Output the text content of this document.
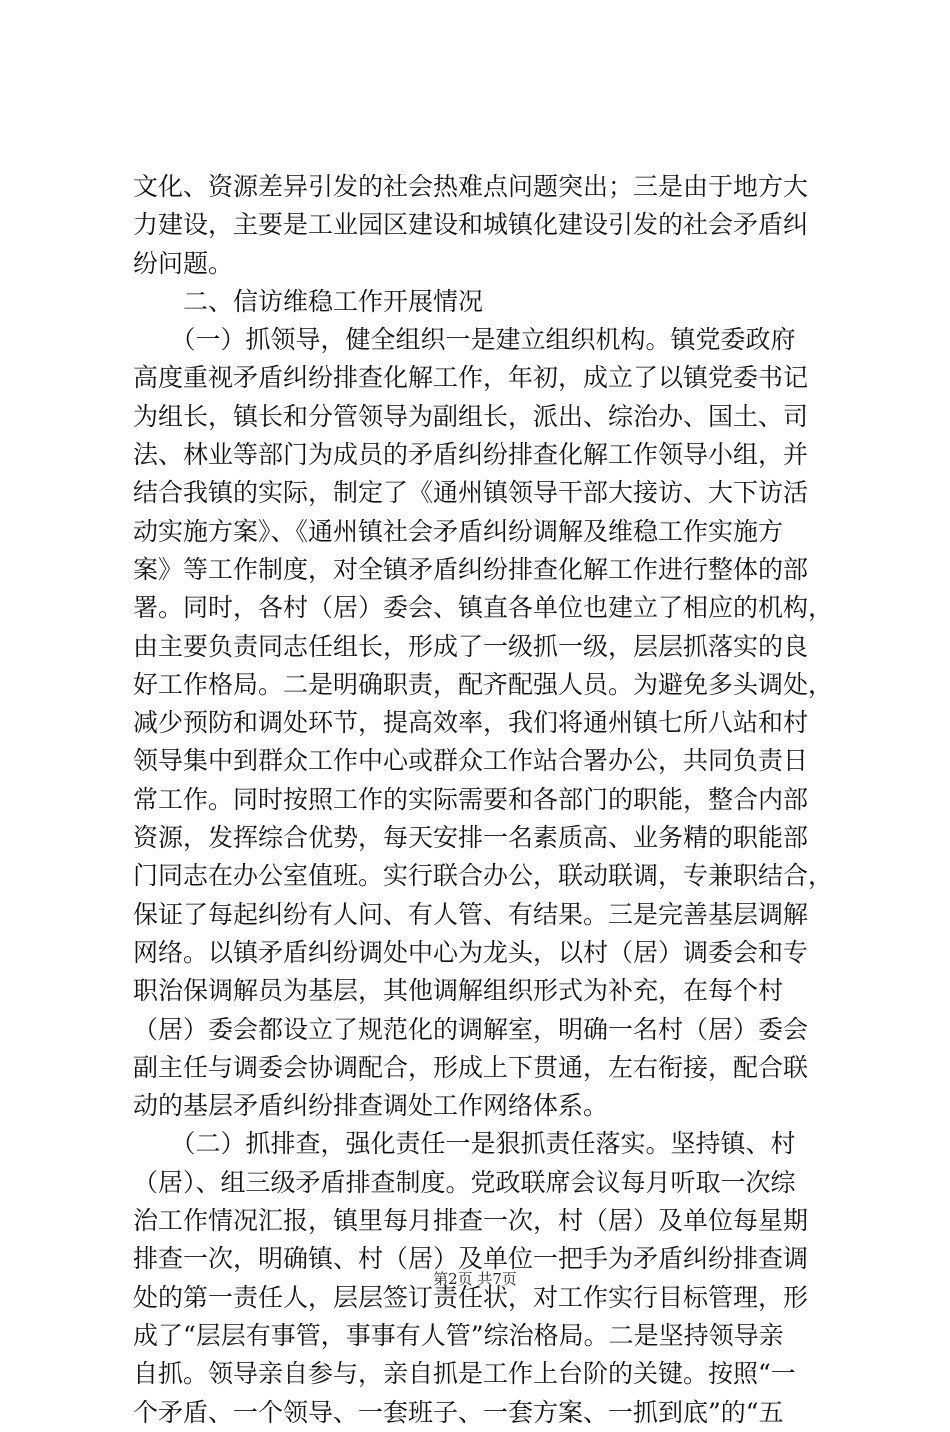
文化、资源差异引发的社会热难点问题突出；三是由于地方大
力建设，主要是工业园区建设和城镇化建设引发的社会矛盾纠
纷问题。
　　二、信访维稳工作开展情况
　　（一）抓领导，健全组织一是建立组织机构。镇党委政府
高度重视矛盾纠纷排查化解工作，年初，成立了以镇党委书记
为组长，镇长和分管领导为副组长，派出、综治办、国土、司
法、林业等部门为成员的矛盾纠纷排查化解工作领导小组，并
结合我镇的实际，制定了《通州镇领导干部大接访、大下访活
动实施方案》、《通州镇社会矛盾纠纷调解及维稳工作实施方
案》等工作制度，对全镇矛盾纠纷排查化解工作进行整体的部
署。同时，各村（居）委会、镇直各单位也建立了相应的机构，
由主要负责同志任组长，形成了一级抓一级，层层抓落实的良
好工作格局。二是明确职责，配齐配强人员。为避免多头调处，
减少预防和调处环节，提高效率，我们将通州镇七所八站和村
领导集中到群众工作中心或群众工作站合署办公，共同负责日
常工作。同时按照工作的实际需要和各部门的职能，整合内部
资源，发挥综合优势，每天安排一名素质高、业务精的职能部
门同志在办公室值班。实行联合办公，联动联调，专兼职结合，
保证了每起纠纷有人问、有人管、有结果。三是完善基层调解
网络。以镇矛盾纠纷调处中心为龙头，以村（居）调委会和专
职治保调解员为基层，其他调解组织形式为补充，在每个村
（居）委会都设立了规范化的调解室，明确一名村（居）委会
副主任与调委会协调配合，形成上下贯通，左右衔接，配合联
动的基层矛盾纠纷排查调处工作网络体系。
　　（二）抓排查，强化责任一是狠抓责任落实。坚持镇、村
（居）、组三级矛盾排查制度。党政联席会议每月听取一次综
治工作情况汇报，镇里每月排查一次，村（居）及单位每星期
排查一次，明确镇、村（居）及单位一把手为矛盾纠纷排查调
处的第一责任人，层层签订责任状，对工作实行目标管理，形
成了“层层有事管，事事有人管”综治格局。二是坚持领导亲
自抓。领导亲自参与，亲自抓是工作上台阶的关键。按照“一
个矛盾、一个领导、一套班子、一套方案、一抓到底”的“五
第2页 共7页
